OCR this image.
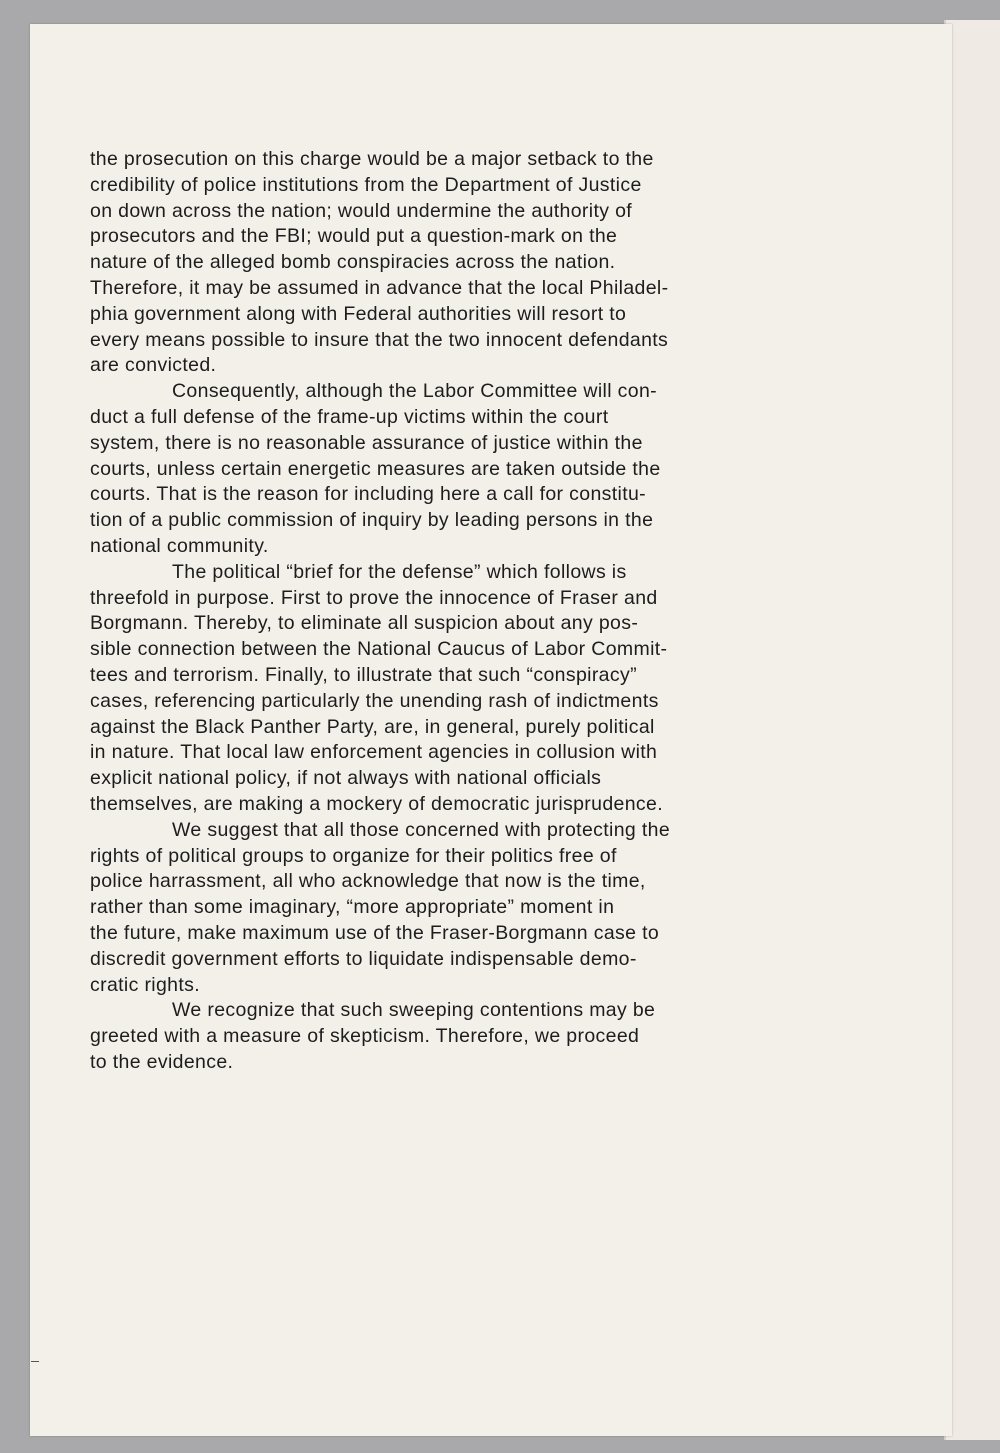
the prosecution on this charge would be a major setback to the
credibility of police institutions from the Department of Justice
on down across the nation; would undermine the authority of
prosecutors and the FBI; would put a question-mark on the
nature of the alleged bomb conspiracies across the nation.
Therefore, it may be assumed in advance that the local Philadel-
phia government along with Federal authorities will resort to
every means possible to insure that the two innocent defendants
are convicted.

Consequently, although the Labor Committee will con-
duct a full defense of the frame-up victims within the court
system, there is no reasonable assurance of justice within the
courts, unless certain energetic measures are taken outside the
courts. That is the reason for including here a call for constitu-
tion of a public commission of inquiry by leading persons in the
national community.

The political “brief for the defense” which follows is
threefold in purpose. First to prove the innocence of Fraser and
Borgmann. Thereby, to eliminate all suspicion about any pos-
sible connection between the National Caucus of Labor Commit-
tees and terrorism. Finally, to illustrate that such “conspiracy”
cases, referencing particularly the unending rash of indictments
against the Black Panther Party, are, in general, purely political
in nature. That local law enforcement agencies in collusion with
explicit national policy, if not always with national officials
themselves, are making a mockery of democratic jurisprudence.

We suggest that all those concerned with protecting the
rights of political groups to organize for their politics free of
police harrassment, all who acknowledge that now is the time,
rather than some imaginary, “more appropriate” moment in
the future, make maximum use of the Fraser-Borgmann case to
discredit government efforts to liquidate indispensable demo-
cratic rights.

We recognize that such sweeping contentions may be
greeted with a measure of skepticism. Therefore, we proceed
to the evidence.
